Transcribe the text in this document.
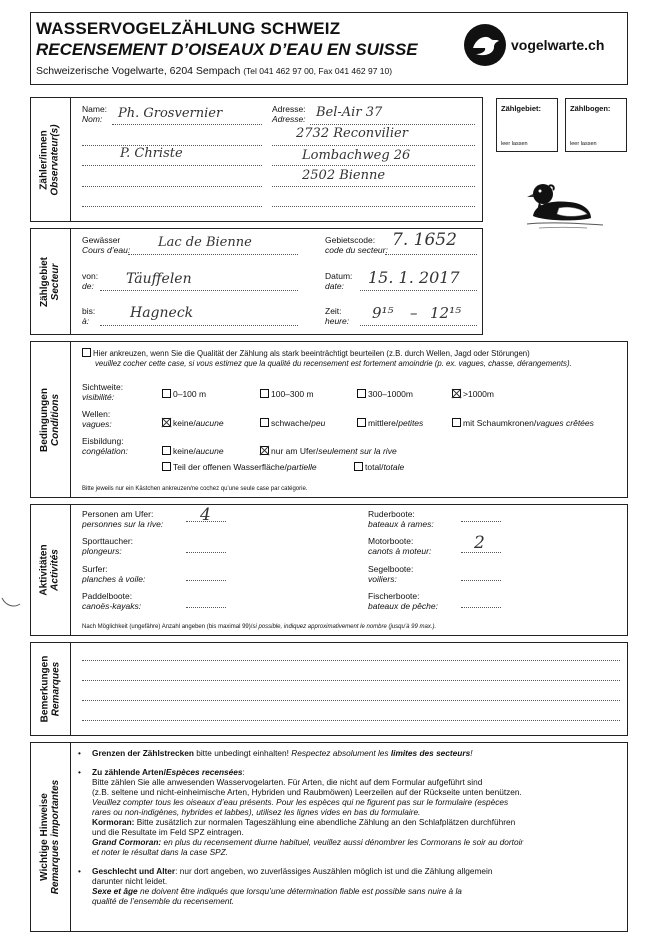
WASSERVOGELZÄHLUNG SCHWEIZ
RECENSEMENT D’OISEAUX D’EAU EN SUISSE
Schweizerische Vogelwarte, 6204 Sempach (Tel 041 462 97 00, Fax 041 462 97 10)
vogelwarte.ch
Zähler/innen
Observateur(s)
Name:
Nom:	Ph. Grosvernier
P. Christe
Adresse:
Adresse: Bel-Air 37
2732 Reconvilier
Lombachweg 26
2502 Bienne
Zählgebiet:
leer lassen
Zählbogen:
leer lassen
Zählgebiet
Secteur
Gewässer
Cours d’eau: Lac de Bienne	Gebietscode:
code du secteur: 7. 1652
von:
de:	Täuffelen	Datum:
date:	15. 1. 2017
bis:
à:	Hagneck	Zeit:
heure: 9¹⁵ – 12¹⁵
Bedingungen
Conditions
Hier ankreuzen, wenn Sie die Qualität der Zählung als stark beeinträchtigt beurteilen (z.B. durch Wellen, Jagd oder Störungen)
veuillez cocher cette case, si vous estimez que la qualité du recensement est fortement amoindrie (p. ex. vagues, chasse, dérangements).
Sichtweite:
visibilité:	0–100 m	100–300 m	300–1000m	>1000m
Wellen:
vagues:	keine/aucune	schwache/peu	mittlere/petites	mit Schaumkronen/vagues crêtées
Eisbildung:
congélation:	keine/aucune	nur am Ufer/seulement sur la rive
Teil der offenen Wasserfläche/partielle	total/totale
Bitte jeweils nur ein Kästchen ankreuzen/ne cochez qu’une seule case par catégorie.
Aktivitäten
Activités
Personen am Ufer:
personnes sur la rive: 4
Sporttaucher:
plongeurs:
Surfer:
planches à voile:
Paddelboote:
canoës-kayaks:
Ruderboote:
bateaux à rames:
Motorboote:
canots à moteur:	2
Segelboote:
voiliers:
Fischerboote:
bateaux de pêche:
Nach Möglichkeit (ungefähre) Anzahl angeben (bis maximal 99)/si possible, indiquez approximativement le nombre (jusqu’à 99 max.).
Bemerkungen
Remarques
Wichtige Hinweise
Remarques importantes
•	Grenzen der Zählstrecken bitte unbedingt einhalten! Respectez absolument les limites des secteurs!
•	Zu zählende Arten/Espèces recensées:
Bitte zählen Sie alle anwesenden Wasservogelarten. Für Arten, die nicht auf dem Formular aufgeführt sind
(z.B. seltene und nicht-einheimische Arten, Hybriden und Raubmöwen) Leerzeilen auf der Rückseite unten benützen.
Veuillez compter tous les oiseaux d’eau présents. Pour les espèces qui ne figurent pas sur le formulaire (espèces
rares ou non-indigènes, hybrides et labbes), utilisez les lignes vides en bas du formulaire.
Kormoran: Bitte zusätzlich zur normalen Tageszählung eine abendliche Zählung an den Schlafplätzen durchführen
und die Resultate im Feld SPZ eintragen.
Grand Cormoran: en plus du recensement diurne habituel, veuillez aussi dénombrer les Cormorans le soir au dortoir
et noter le résultat dans la case SPZ.
•	Geschlecht und Alter: nur dort angeben, wo zuverlässiges Auszählen möglich ist und die Zählung allgemein
darunter nicht leidet.
Sexe et âge ne doivent être indiqués que lorsqu’une détermination fiable est possible sans nuire à la
qualité de l’ensemble du recensement.
